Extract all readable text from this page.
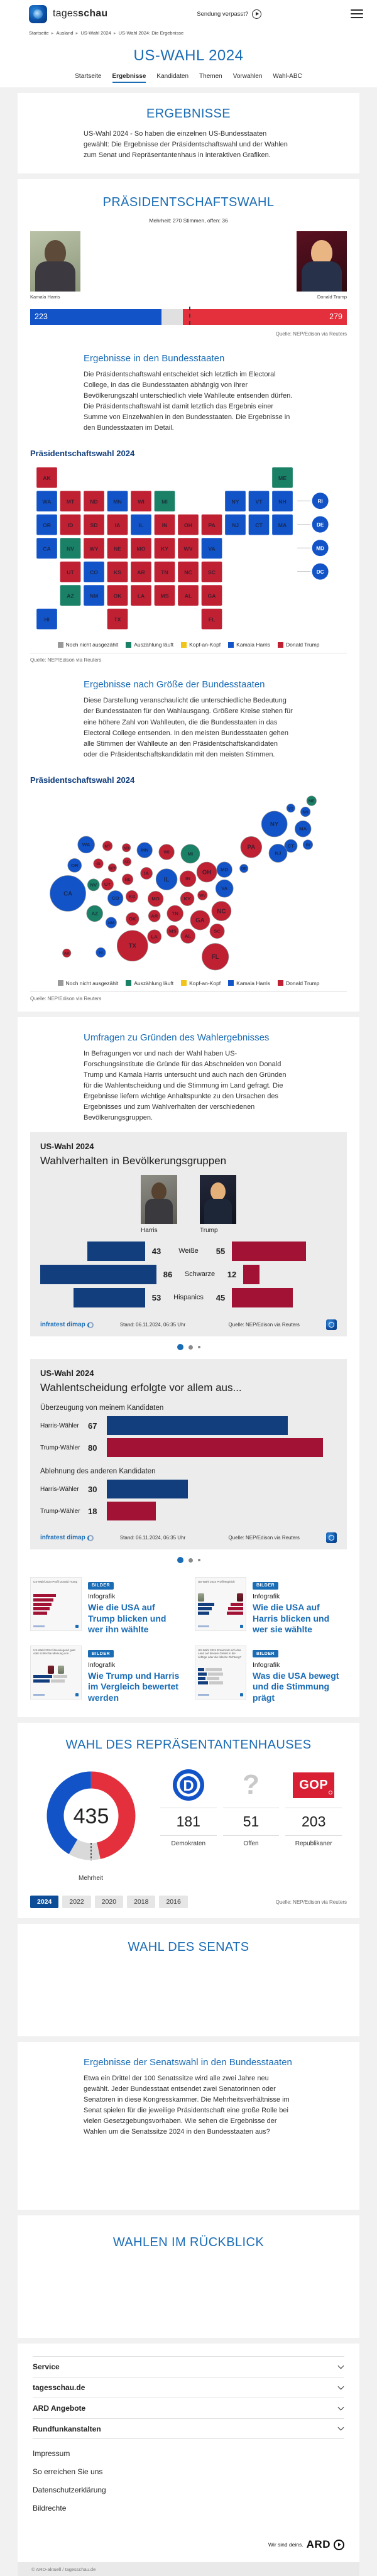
tagesschau	Sendung verpasst?
Startseite ▸ Ausland ▸ US-Wahl 2024 ▸ US-Wahl 2024: Die Ergebnisse
US-WAHL 2024
Startseite Ergebnisse Kandidaten Themen Vorwahlen Wahl-ABC
ERGEBNISSE

US-Wahl 2024 - So haben die einzelnen US-Bundesstaaten gewählt: Die Ergebnisse der Präsidentschaftswahl und der Wahlen zum Senat und Repräsentantenhaus in interaktiven Grafiken.

PRÄSIDENTSCHAFTSWAHL
Mehrheit: 270 Stimmen, offen: 36
Kamala Harris	Donald Trump
223	279
Quelle: NEP/Edison via Reuters
Ergebnisse in den Bundesstaaten

Die Präsidentschaftswahl entscheidet sich letztlich im Electoral College, in das die Bundesstaaten abhängig von ihrer Bevölkerungszahl unterschiedlich viele Wahlleute entsenden dürfen. Die Präsidentschaftswahl ist damit letztlich das Ergebnis einer Summe von Einzelwahlen in den Bundesstaaten. Die Ergebnisse in den Bundesstaaten im Detail.

Präsidentschaftswahl 2024
AK	ME
WA	MT	ND	MN	WI	MI	NY	VT	NH
OR	ID	SD	IA	IL	IN	OH	PA	NJ	CT	MA
CA	NV	WY	NE	MO	KY	WV	VA
UT	CO	KS	AR	TN	NC	SC
AZ	NM	OK	LA	MS	AL	GA
HI	TX	FL
RI
DE
MD
DC
Noch nicht ausgezählt	Auszählung läuft	Kopf-an-Kopf	Kamala Harris	Donald Trump
Quelle: NEP/Edison via Reuters
Ergebnisse nach Größe der Bundesstaaten

Diese Darstellung veranschaulicht die unterschiedliche Bedeutung der Bundesstaaten für den Wahlausgang. Größere Kreise stehen für eine höhere Zahl von Wahlleuten, die die Bundesstaaten in das Electoral College entsenden. In den meisten Bundesstaaten gehen alle Stimmen der Wahlleute an den Präsidentschaftskandidaten oder die Präsidentschaftskandidatin mit den meisten Stimmen.

Präsidentschaftswahl 2024
ME
VT
NH
NY
MA
CT	RI
PA
NJ
WA	MT	ND MN	WI	MI
OR	ID
WY
SD
IA
IL	IN
OH MD	DE
CA
NV UT
NE
VA
CO KS	MO	KY
WV
NC
AZ
NM
OK
AR	TN
GA
SC
MS
AL
LA
TX
FL
AK	HI
Noch nicht ausgezählt	Auszählung läuft	Kopf-an-Kopf	Kamala Harris	Donald Trump
Quelle: NEP/Edison via Reuters
Umfragen zu Gründen des Wahlergebnisses

In Befragungen vor und nach der Wahl haben US-Forschungsinstitute die Gründe für das Abschneiden von Donald Trump und Kamala Harris untersucht und auch nach den Gründen für die Wahlentscheidung und die Stimmung im Land gefragt. Die Ergebnisse liefern wichtige Anhaltspunkte zu den Ursachen des Ergebnisses und zum Wahlverhalten der verschiedenen Bevölkerungsgruppen.

US-Wahl 2024
Wahlverhalten in Bevölkerungsgruppen
Harris	Trump
43	Weiße	55
86	Schwarze	12
53	Hispanics	45
infratest dimap	Stand: 06.11.2024, 06:35 Uhr	Quelle: NEP/Edison via Reuters
US-Wahl 2024
Wahlentscheidung erfolgte vor allem aus...
Überzeugung von meinem Kandidaten
Harris-Wähler	67
Trump-Wähler 80
Ablehnung des anderen Kandidaten
Harris-Wähler	30
Trump-Wähler 18
infratest dimap	Stand: 06.11.2024, 06:35 Uhr	Quelle: NEP/Edison via Reuters
US-Wahl 2024 Profil Donald Trump
BILDER
Infografik
Wie die USA auf Trump blicken und wer ihn wählte
US-Wahl 2024 Profilvergleich
BILDER
Infografik
Wie die USA auf Harris blicken und wer sie wählte
US-Wahl 2024 Überwiegend gute oder schlechte Meinung von...	BILDER
Infografik
Wie Trump und Harris im Vergleich bewertet werden
US-Wahl 2024 Entwickelt sich das Land auf diesem Gebiet in die richtige oder die falsche Richtung?
BILDER
Infografik
Was die USA bewegt und die Stimmung prägt
WAHL DES REPRÄSENTANTENHAUSES
435
Mehrheit
D
181
Demokraten
?
51
Offen
GOP
203
Republikaner
2024	2022	2020	2018	2016	Quelle: NEP/Edison via Reuters
WAHL DES SENATS
Ergebnisse der Senatswahl in den Bundesstaaten

Etwa ein Drittel der 100 Senatssitze wird alle zwei Jahre neu gewählt. Jeder Bundesstaat entsendet zwei Senatorinnen oder Senatoren in diese Kongresskammer. Die Mehrheitsverhältnisse im Senat spielen für die jeweilige Präsidentschaft eine große Rolle bei vielen Gesetzgebungsvorhaben. Wie sehen die Ergebnisse der Wahlen um die Senatssitze 2024 in den Bundesstaaten aus?

WAHLEN IM RÜCKBLICK
Service
tagesschau.de
ARD Angebote
Rundfunkanstalten
Impressum
So erreichen Sie uns
Datenschutzerklärung
Bildrechte
Wir sind deins. ARD
© ARD-aktuell / tagesschau.de
